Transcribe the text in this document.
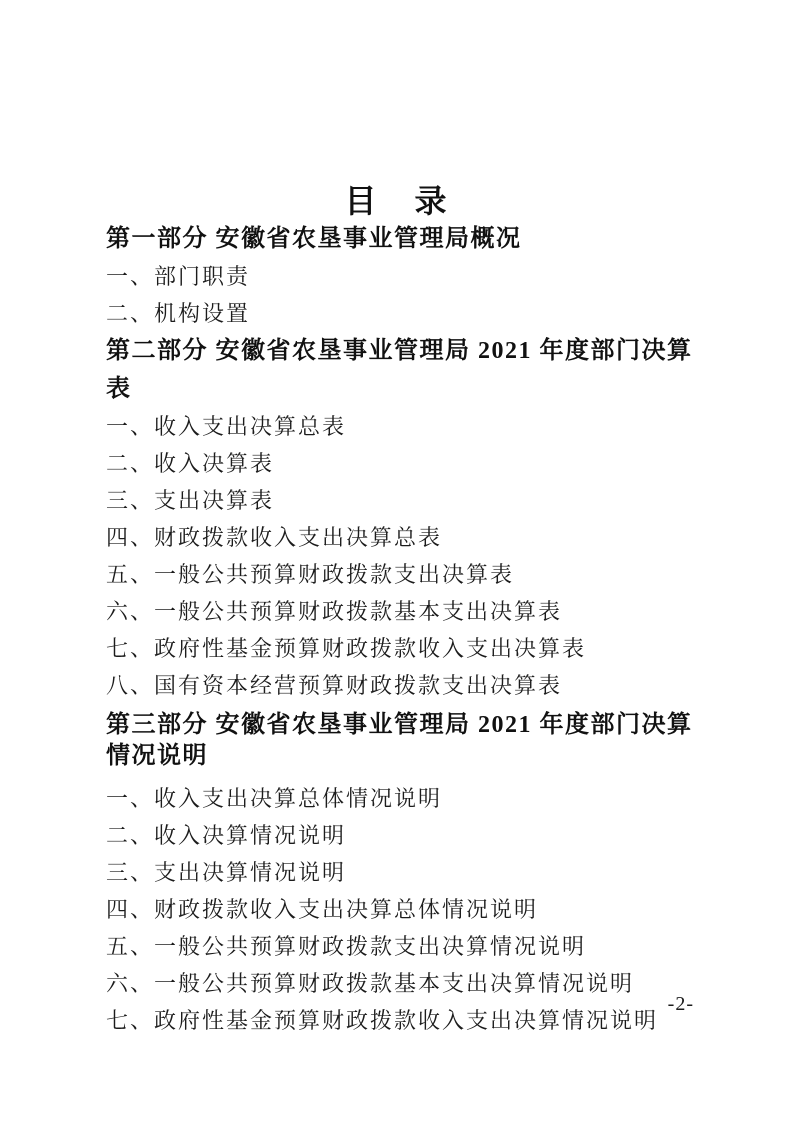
目　录
第一部分 安徽省农垦事业管理局概况
一、部门职责
二、机构设置
第二部分 安徽省农垦事业管理局 2021 年度部门决算表
一、收入支出决算总表
二、收入决算表
三、支出决算表
四、财政拨款收入支出决算总表
五、一般公共预算财政拨款支出决算表
六、一般公共预算财政拨款基本支出决算表
七、政府性基金预算财政拨款收入支出决算表
八、国有资本经营预算财政拨款支出决算表
第三部分 安徽省农垦事业管理局 2021 年度部门决算情况说明
一、收入支出决算总体情况说明
二、收入决算情况说明
三、支出决算情况说明
四、财政拨款收入支出决算总体情况说明
五、一般公共预算财政拨款支出决算情况说明
六、一般公共预算财政拨款基本支出决算情况说明
七、政府性基金预算财政拨款收入支出决算情况说明
-2-
